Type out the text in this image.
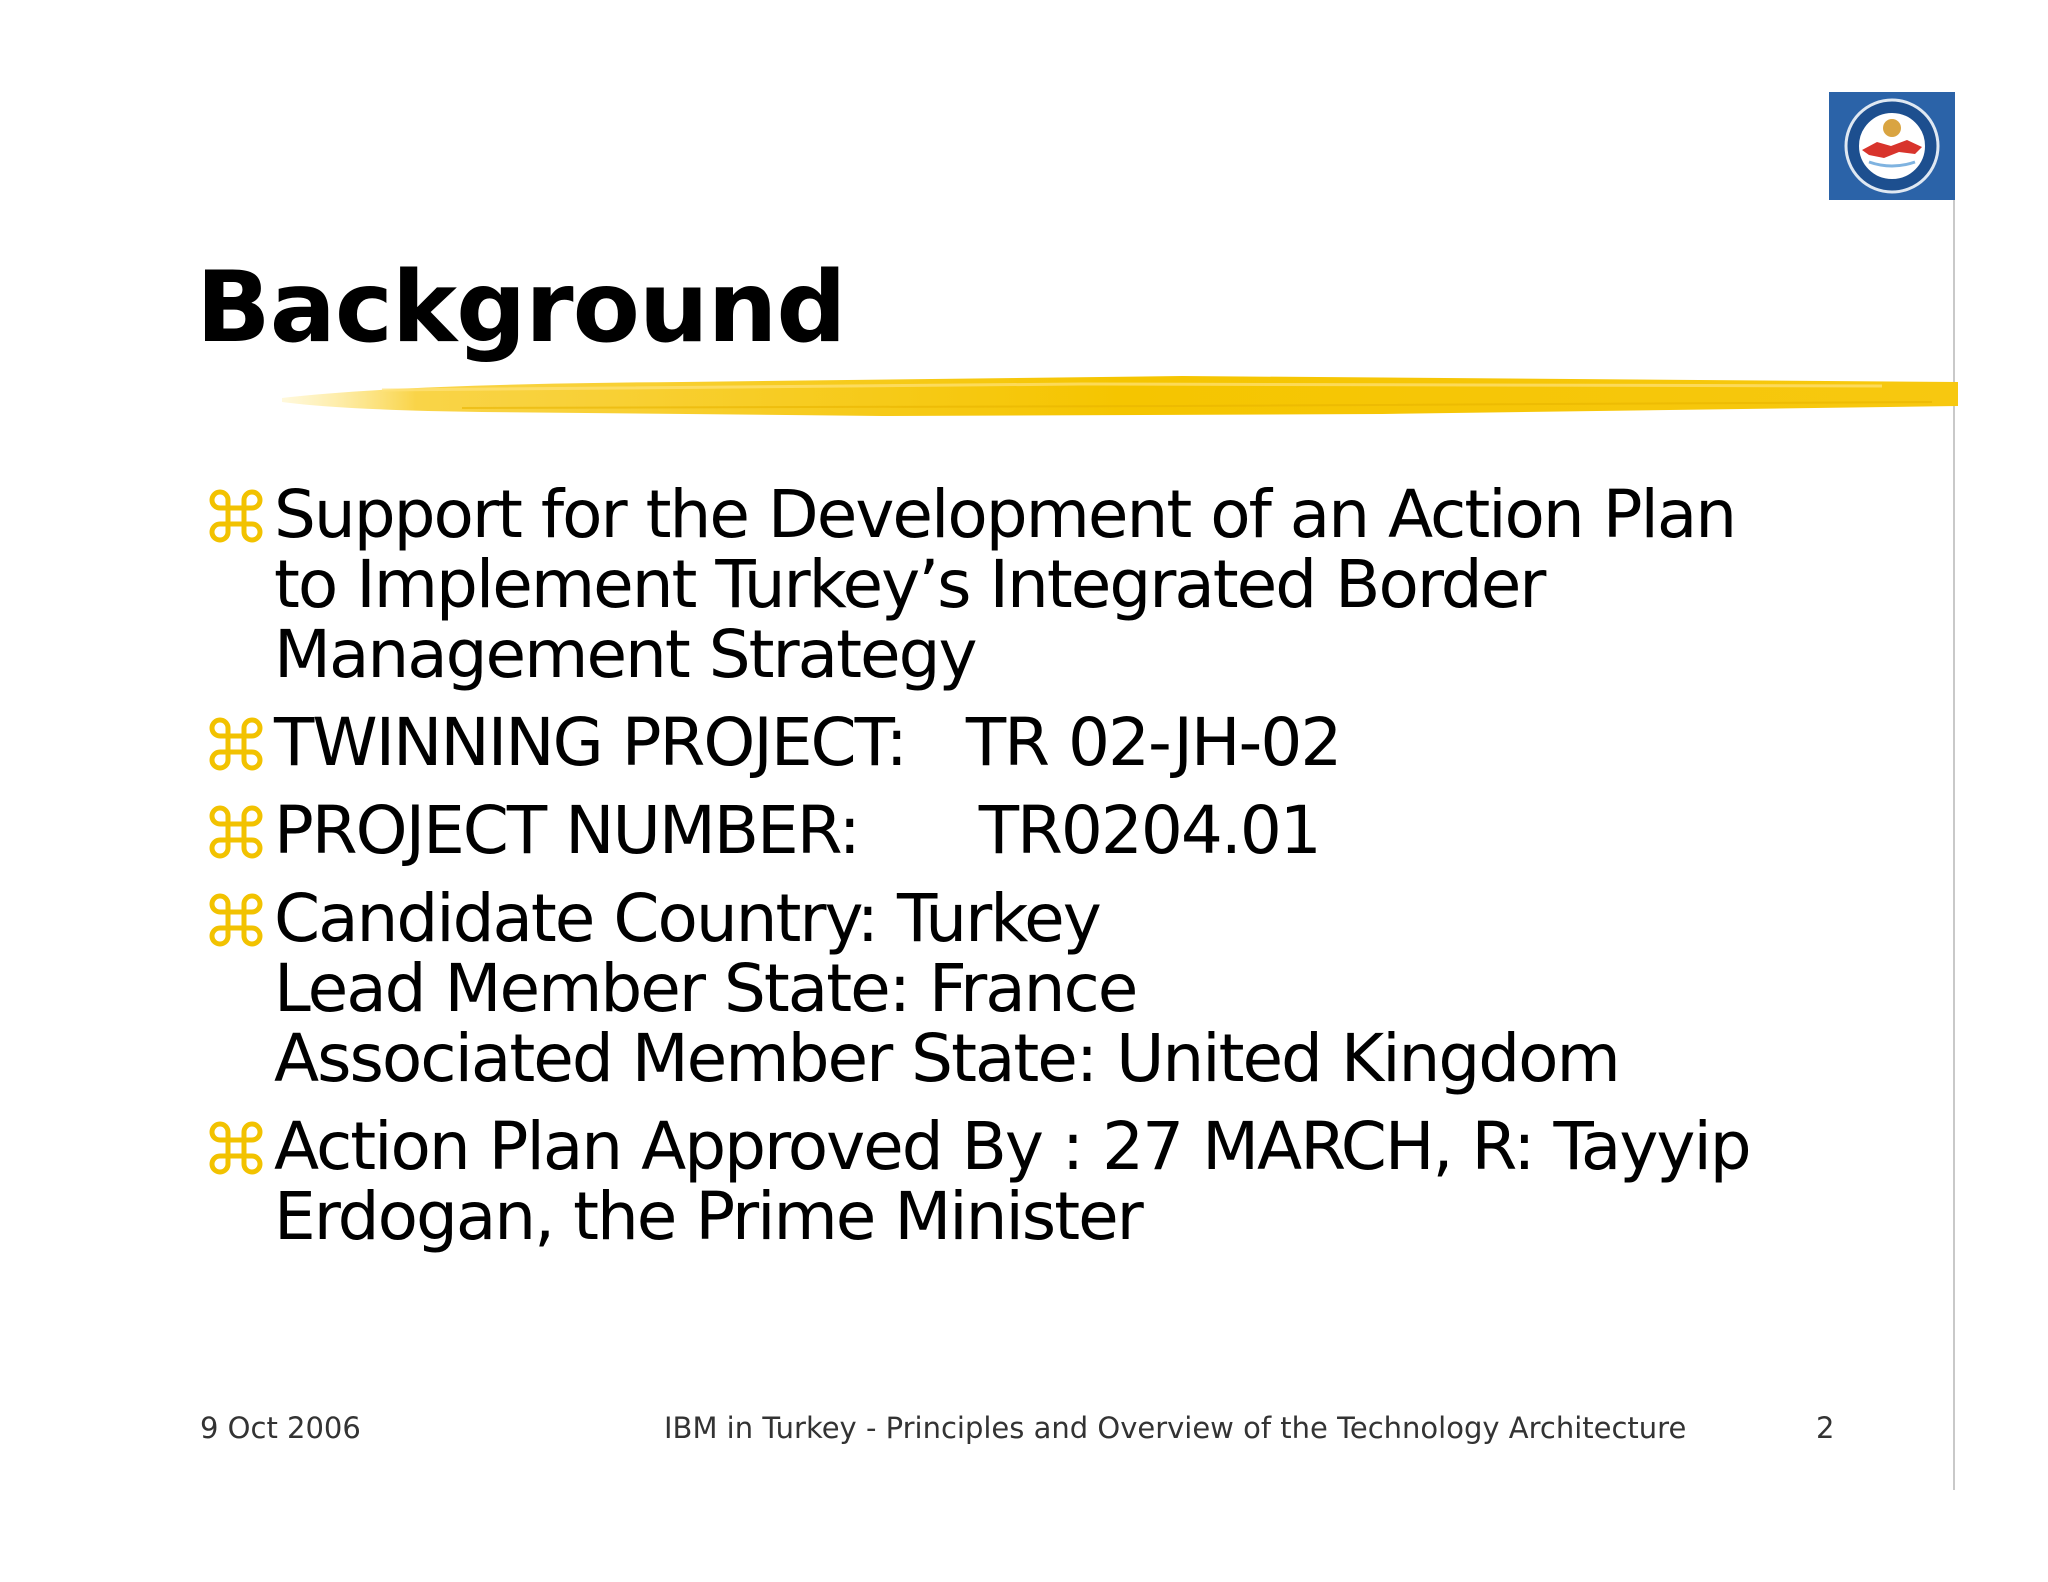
Background
Support for the Development of an Action Plan
to Implement Turkey’s Integrated Border
Management Strategy
TWINNING PROJECT:   TR 02-JH-02
PROJECT NUMBER:      TR0204.01
Candidate Country: Turkey
Lead Member State: France
Associated Member State: United Kingdom
Action Plan Approved By : 27 MARCH, R: Tayyip
Erdogan, the Prime Minister
9 Oct 2006	IBM in Turkey - Principles and Overview of the Technology Architecture	2
